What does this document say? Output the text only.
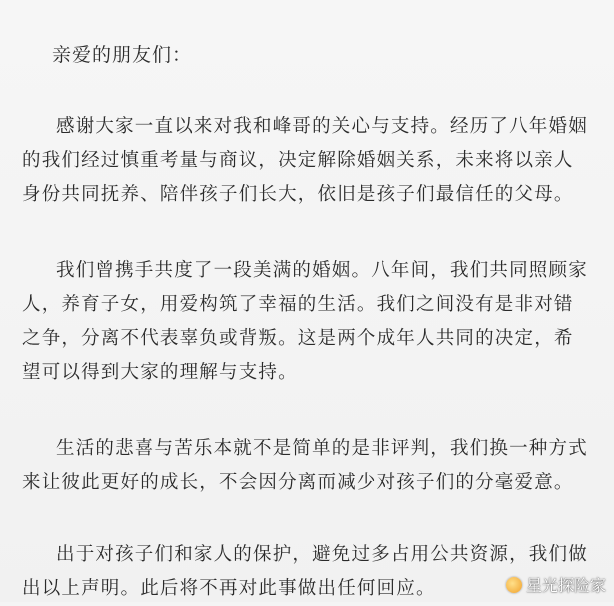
亲爱的朋友们：

感谢大家一直以来对我和峰哥的关心与支持。经历了八年婚姻的我们经过慎重考量与商议，决定解除婚姻关系，未来将以亲人身份共同抚养、陪伴孩子们长大，依旧是孩子们最信任的父母。

我们曾携手共度了一段美满的婚姻。八年间，我们共同照顾家人，养育子女，用爱构筑了幸福的生活。我们之间没有是非对错之争，分离不代表辜负或背叛。这是两个成年人共同的决定，希望可以得到大家的理解与支持。

生活的悲喜与苦乐本就不是简单的是非评判，我们换一种方式来让彼此更好的成长，不会因分离而减少对孩子们的分毫爱意。

出于对孩子们和家人的保护，避免过多占用公共资源，我们做出以上声明。此后将不再对此事做出任何回应。	星光探险家
